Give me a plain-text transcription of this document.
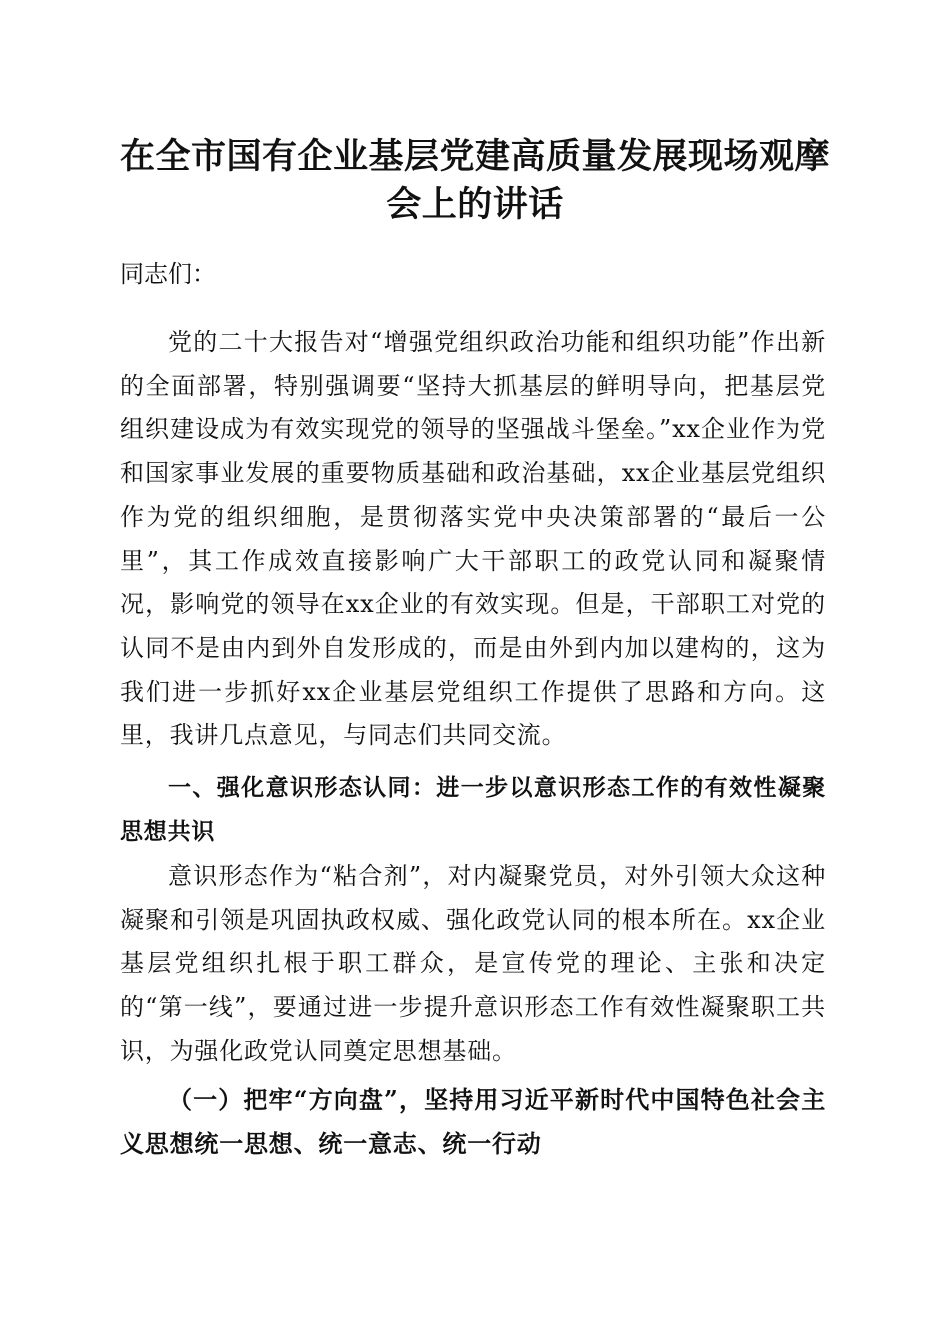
在全市国有企业基层党建高质量发展现场观摩会上的讲话
同志们：
党的二十大报告对“增强党组织政治功能和组织功能”作出新的全面部署，特别强调要“坚持大抓基层的鲜明导向，把基层党组织建设成为有效实现党的领导的坚强战斗堡垒。”xx企业作为党和国家事业发展的重要物质基础和政治基础，xx企业基层党组织作为党的组织细胞，是贯彻落实党中央决策部署的“最后一公里”，其工作成效直接影响广大干部职工的政党认同和凝聚情况，影响党的领导在xx企业的有效实现。但是，干部职工对党的认同不是由内到外自发形成的，而是由外到内加以建构的，这为我们进一步抓好xx企业基层党组织工作提供了思路和方向。这里，我讲几点意见，与同志们共同交流。
一、强化意识形态认同：进一步以意识形态工作的有效性凝聚思想共识
意识形态作为“粘合剂”，对内凝聚党员，对外引领大众这种凝聚和引领是巩固执政权威、强化政党认同的根本所在。xx企业基层党组织扎根于职工群众，是宣传党的理论、主张和决定的“第一线”，要通过进一步提升意识形态工作有效性凝聚职工共识，为强化政党认同奠定思想基础。
（一）把牢“方向盘”，坚持用习近平新时代中国特色社会主义思想统一思想、统一意志、统一行动
